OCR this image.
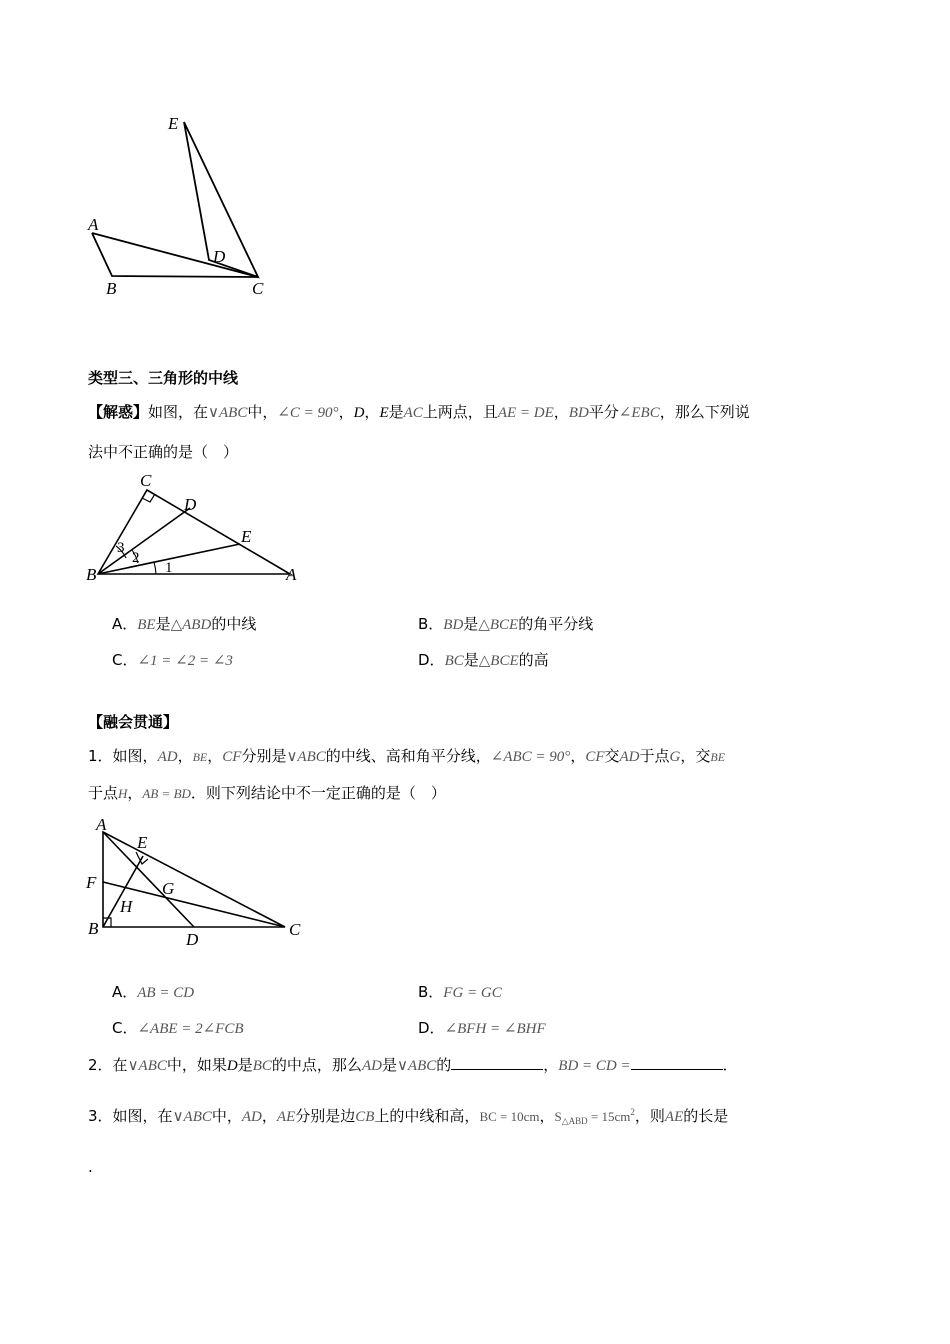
E
A
D
B	C
类型三、三角形的中线
【解惑】如图，在∨ABC中，∠C = 90°，D，E是AC上两点，且AE = DE，BD平分∠EBC，那么下列说
法中不正确的是（　）
C
D
E
B	A
1
2
3
A．BE是△ABD的中线	B．BD是△BCE的角平分线
C．∠1 = ∠2 = ∠3	D．BC是△BCE的高
【融会贯通】
1．如图，AD，BE，CF分别是∨ABC的中线、高和角平分线，∠ABC = 90°，CF交AD于点G，交BE
于点H，AB = BD．则下列结论中不一定正确的是（　）
A
E
F	G
H
B
D
C
A．AB = CD	B．FG = GC
C．∠ABE = 2∠FCB	D．∠BFH = ∠BHF
2．在∨ABC中，如果D是BC的中点，那么AD是∨ABC的	，BD = CD =	．
3．如图，在∨ABC中，AD，AE分别是边CB上的中线和高，BC = 10cm，$S_{\triangle ABD} = 15cm^2$，则AE的长是
.
